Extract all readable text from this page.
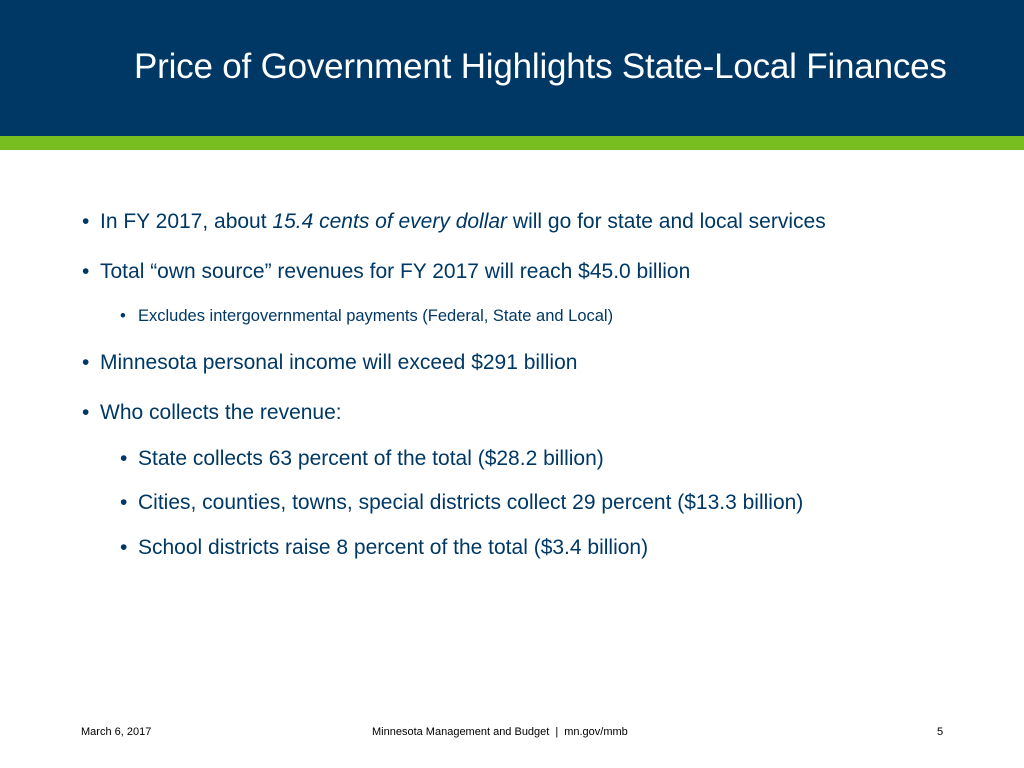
Price of Government Highlights State-Local Finances
• In FY 2017, about 15.4 cents of every dollar will go for state and local services
• Total “own source” revenues for FY 2017 will reach $45.0 billion
• Excludes intergovernmental payments (Federal, State and Local)
• Minnesota personal income will exceed $291 billion
• Who collects the revenue:
• State collects 63 percent of the total ($28.2 billion)
• Cities, counties, towns, special districts collect 29 percent ($13.3 billion)
• School districts raise 8 percent of the total ($3.4 billion)
March 6, 2017	Minnesota Management and Budget | mn.gov/mmb	5
